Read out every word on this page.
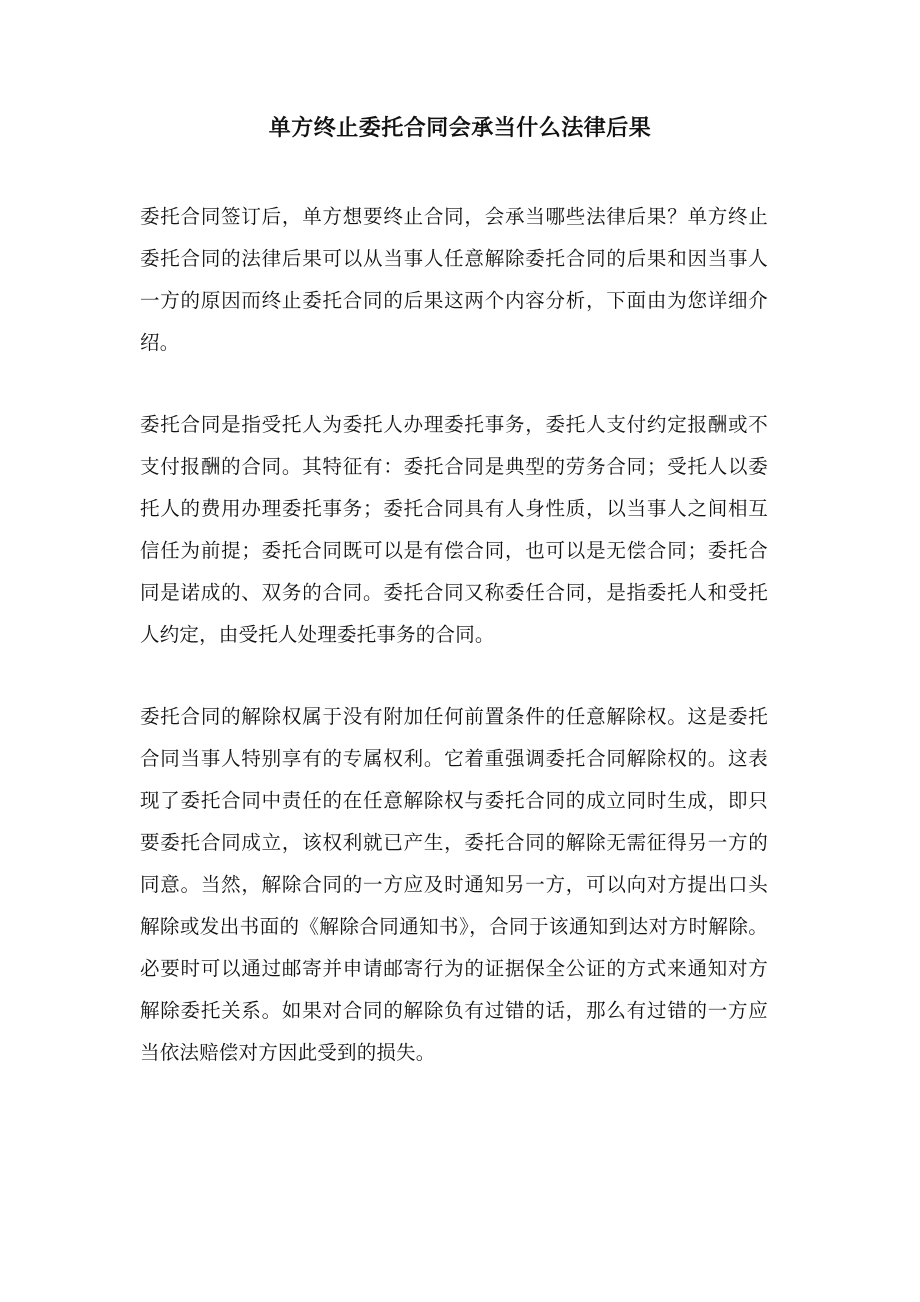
单方终止委托合同会承当什么法律后果

委托合同签订后，单方想要终止合同，会承当哪些法律后果？单方终止委托合同的法律后果可以从当事人任意解除委托合同的后果和因当事人一方的原因而终止委托合同的后果这两个内容分析，下面由为您详细介绍。

委托合同是指受托人为委托人办理委托事务，委托人支付约定报酬或不支付报酬的合同。其特征有：委托合同是典型的劳务合同；受托人以委托人的费用办理委托事务；委托合同具有人身性质，以当事人之间相互信任为前提；委托合同既可以是有偿合同，也可以是无偿合同；委托合同是诺成的、双务的合同。委托合同又称委任合同，是指委托人和受托人约定，由受托人处理委托事务的合同。

委托合同的解除权属于没有附加任何前置条件的任意解除权。这是委托合同当事人特别享有的专属权利。它着重强调委托合同解除权的。这表现了委托合同中责任的在任意解除权与委托合同的成立同时生成，即只要委托合同成立，该权利就已产生，委托合同的解除无需征得另一方的同意。当然，解除合同的一方应及时通知另一方，可以向对方提出口头解除或发出书面的《解除合同通知书》，合同于该通知到达对方时解除。必要时可以通过邮寄并申请邮寄行为的证据保全公证的方式来通知对方解除委托关系。如果对合同的解除负有过错的话，那么有过错的一方应当依法赔偿对方因此受到的损失。
